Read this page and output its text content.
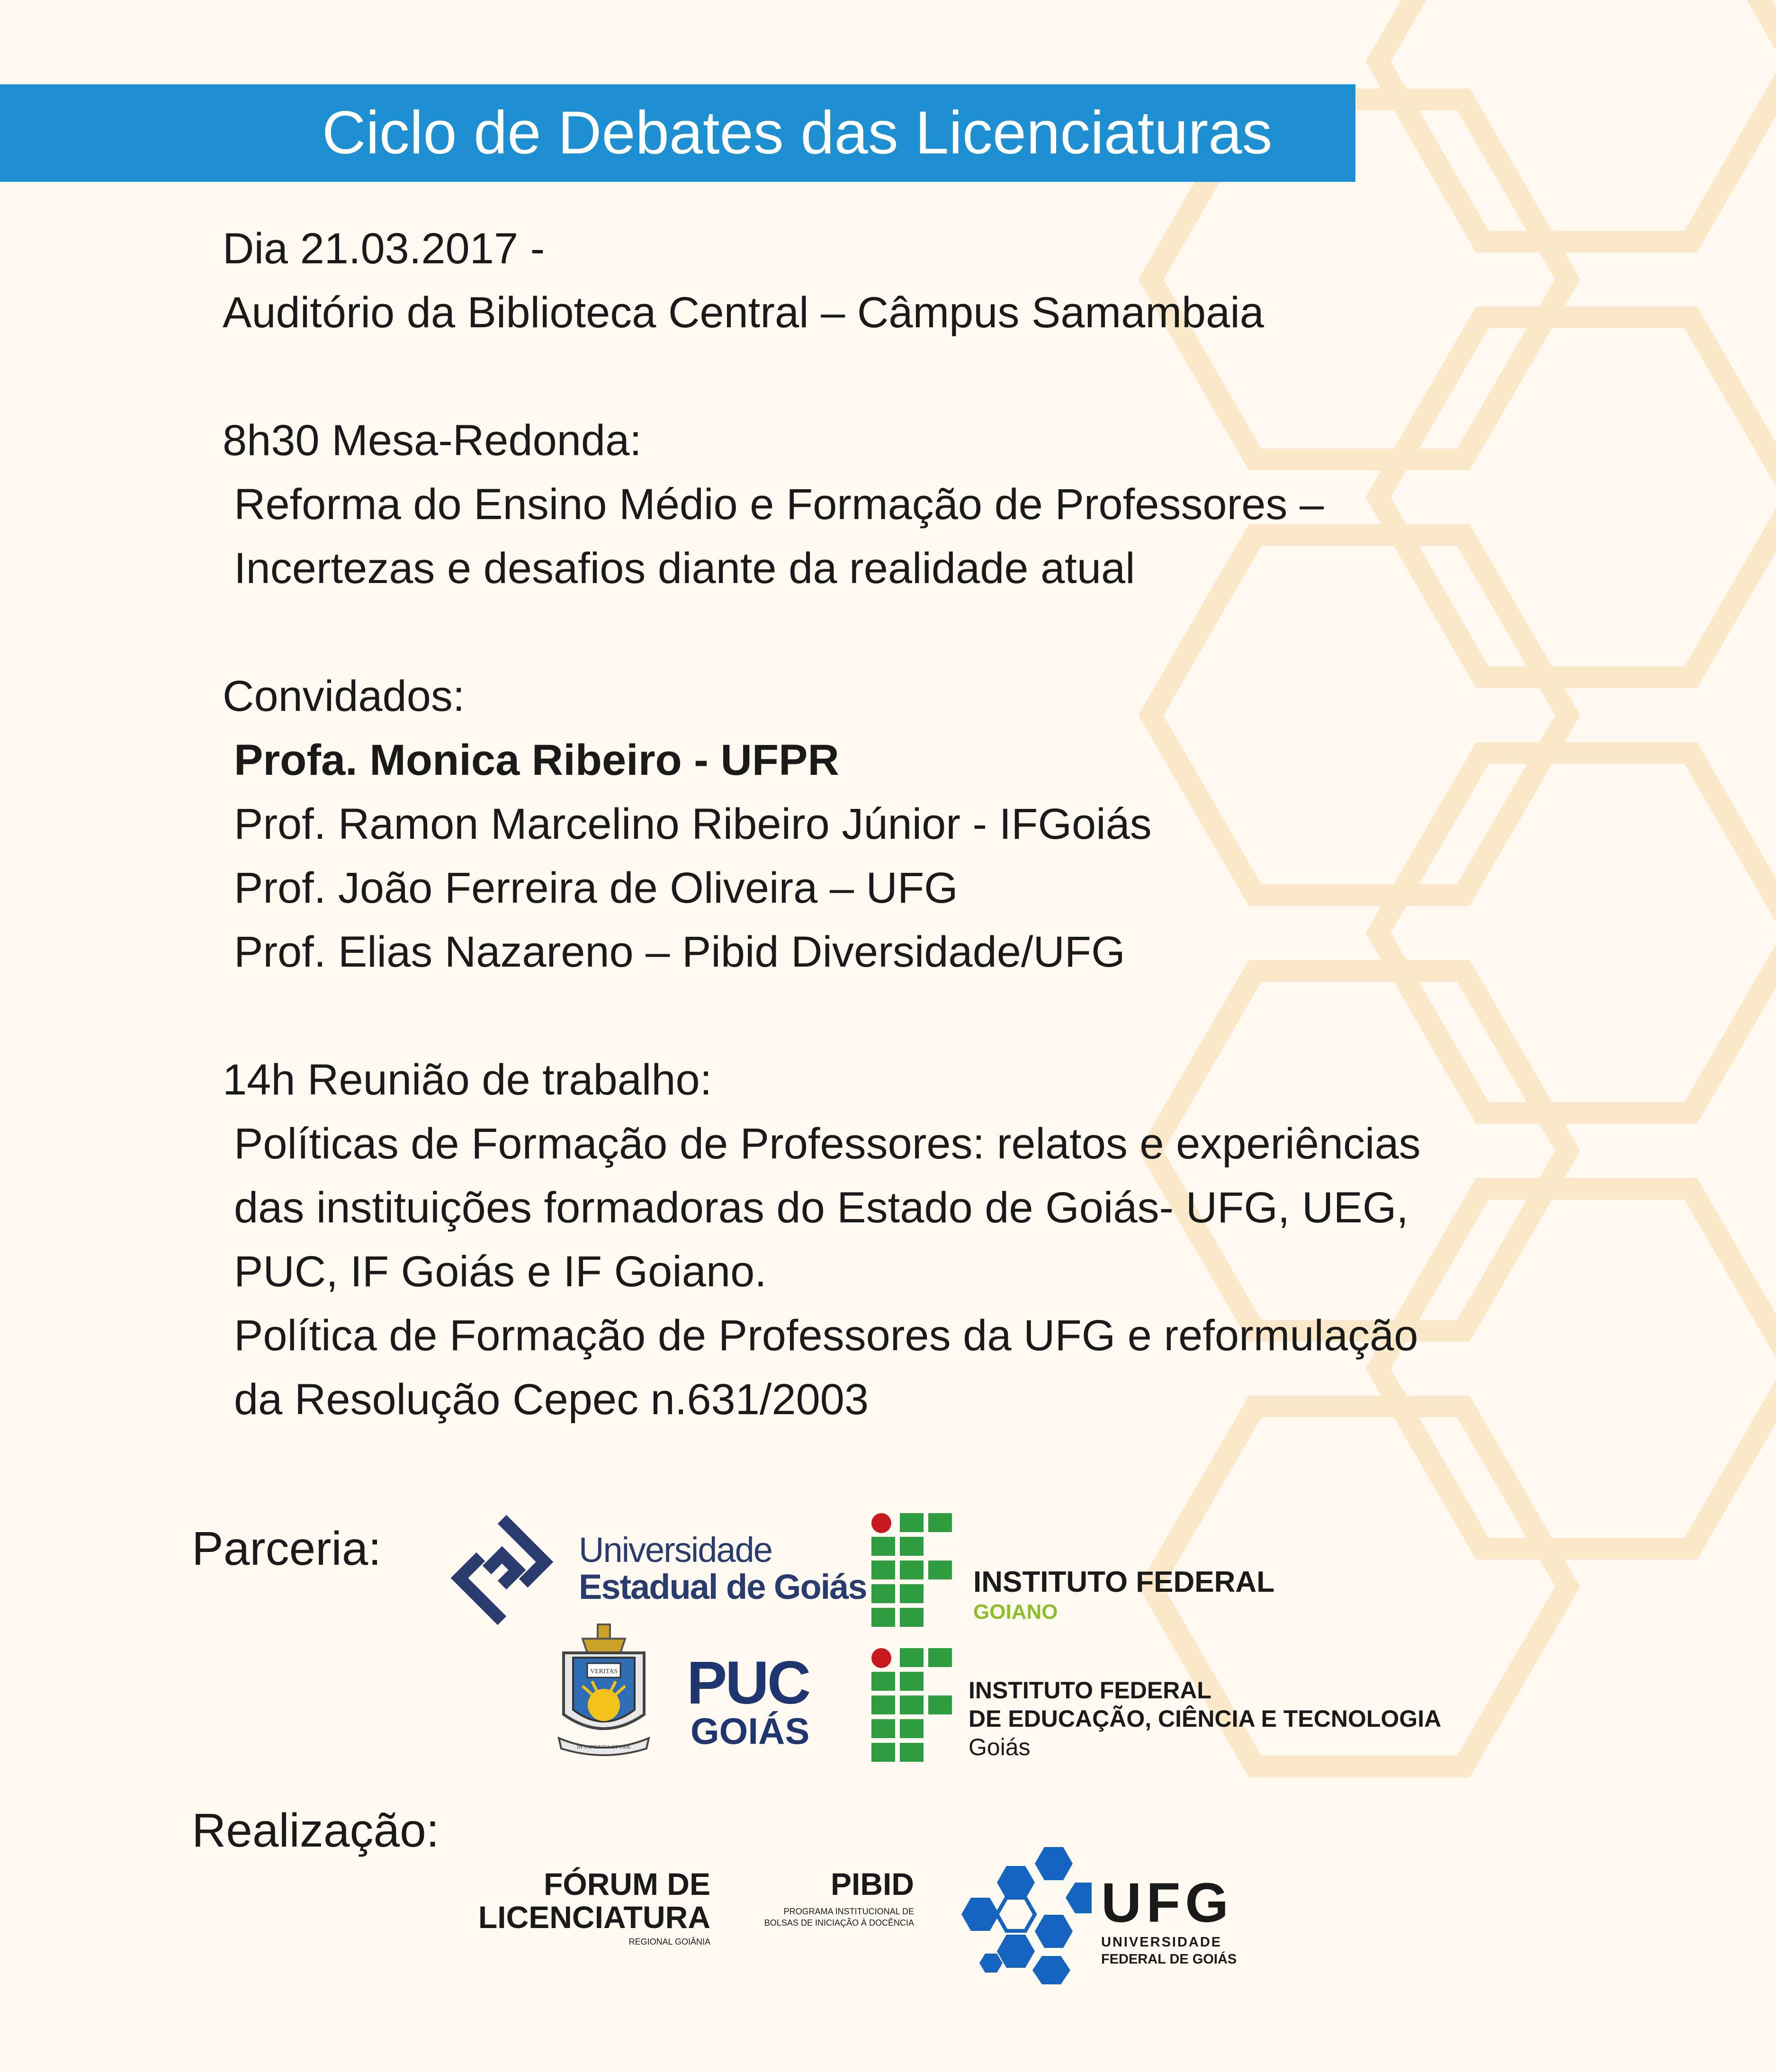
Ciclo de Debates das Licenciaturas
Dia 21.03.2017 -
Auditório da Biblioteca Central – Câmpus Samambaia
8h30 Mesa-Redonda:
Reforma do Ensino Médio e Formação de Professores –
Incertezas e desafios diante da realidade atual
Convidados:
Profa. Monica Ribeiro - UFPR
Prof. Ramon Marcelino Ribeiro Júnior - IFGoiás
Prof. João Ferreira de Oliveira – UFG
Prof. Elias Nazareno – Pibid Diversidade/UFG
14h Reunião de trabalho:
Políticas de Formação de Professores: relatos e experiências
das instituições formadoras do Estado de Goiás- UFG, UEG,
PUC, IF Goiás e IF Goiano.
Política de Formação de Professores da UFG e reformulação
da Resolução Cepec n.631/2003
Parceria:	Universidade
Estadual de Goiás	INSTITUTO FEDERAL
GOIANO
VERITAS
IN SAPIENTIA ET FIDE
PUC
GOIÁS
INSTITUTO FEDERAL
DE EDUCAÇÃO, CIÊNCIA E TECNOLOGIA
Goiás
Realização:
FÓRUM DE
LICENCIATURA
REGIONAL GOIÂNIA
PIBID
PROGRAMA INSTITUCIONAL DE
BOLSAS DE INICIAÇÃO À DOCÊNCIA	UFG
UNIVERSIDADE
FEDERAL DE GOIÁS
